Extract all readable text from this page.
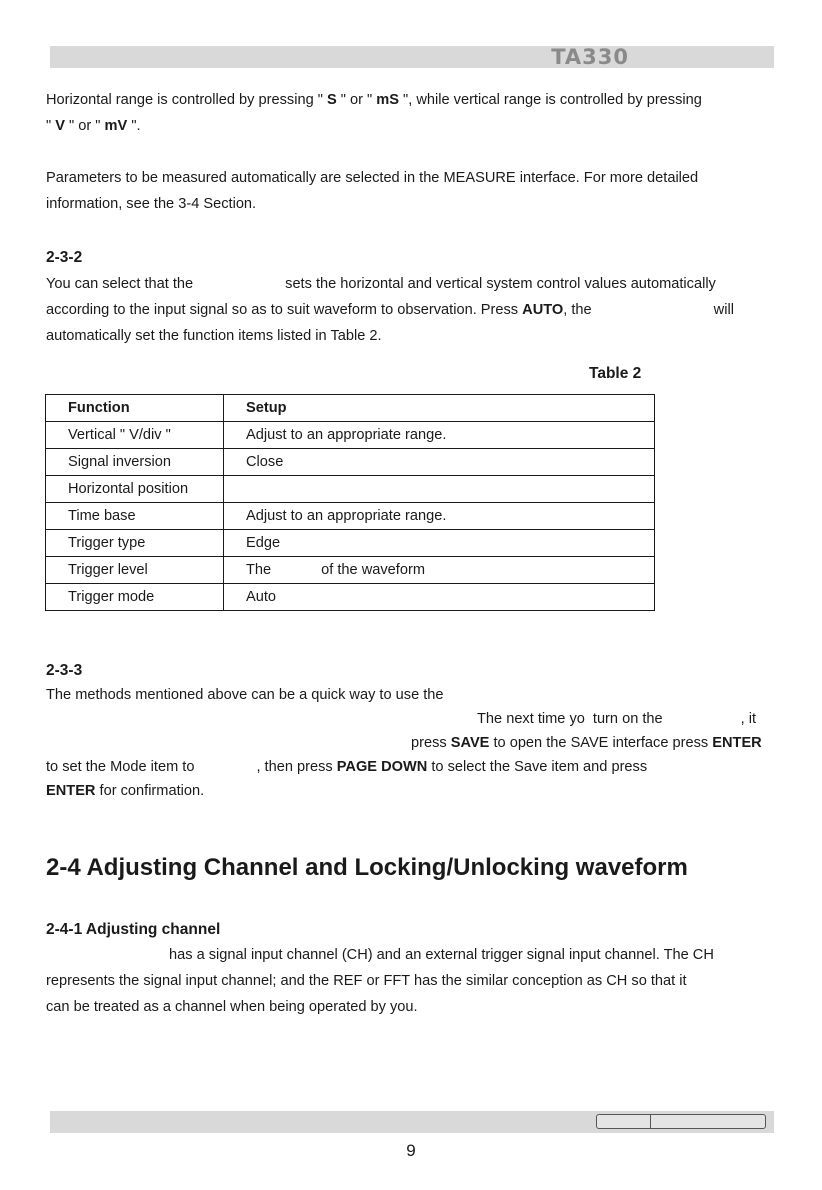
TA330

Horizontal range is controlled by pressing " S " or " mS ", while vertical range is controlled by pressing
" V " or " mV ".

Parameters to be measured automatically are selected in the MEASURE interface. For more detailed
information, see the 3-4 Section.

2-3-2

You can select that the	sets the horizontal and vertical system control values automatically
according to the input signal so as to suit waveform to observation. Press AUTO, the	will
automatically set the function items listed in Table 2.

Table 2

Function	Setup
Vertical " V/div "	Adjust to an appropriate range.
Signal inversion	Close
Horizontal position	
Time base	Adjust to an appropriate range.
Trigger type	Edge
Trigger level	The of the waveform
Trigger mode	Auto

2-3-3

The methods mentioned above can be a quick way to use the
The next time yo turn on the	, it
press SAVE to open the SAVE interface press ENTER
to set the Mode item to	, then press PAGE DOWN to select the Save item and press
ENTER for confirmation.

2-4 Adjusting Channel and Locking/Unlocking waveform

2-4-1 Adjusting channel

has a signal input channel (CH) and an external trigger signal input channel. The CH
represents the signal input channel; and the REF or FFT has the similar conception as CH so that it
can be treated as a channel when being operated by you.

9
